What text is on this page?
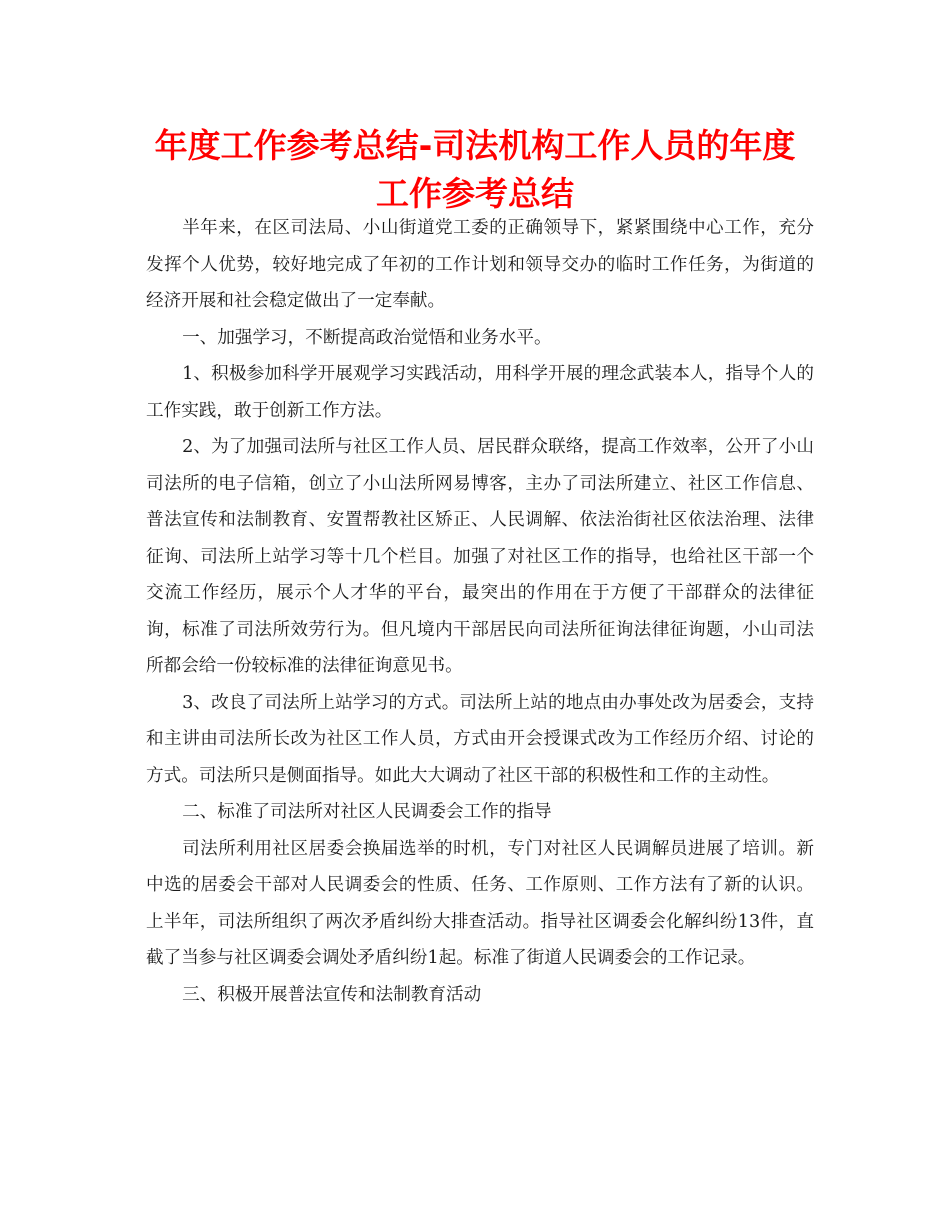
年度工作参考总结-司法机构工作人员的年度工作参考总结

半年来，在区司法局、小山街道党工委的正确领导下，紧紧围绕中心工作，充分发挥个人优势，较好地完成了年初的工作计划和领导交办的临时工作任务，为街道的经济开展和社会稳定做出了一定奉献。

一、加强学习，不断提高政治觉悟和业务水平。

1、积极参加科学开展观学习实践活动，用科学开展的理念武装本人，指导个人的工作实践，敢于创新工作方法。

2、为了加强司法所与社区工作人员、居民群众联络，提高工作效率，公开了小山司法所的电子信箱，创立了小山法所网易博客，主办了司法所建立、社区工作信息、普法宣传和法制教育、安置帮教社区矫正、人民调解、依法治街社区依法治理、法律征询、司法所上站学习等十几个栏目。加强了对社区工作的指导，也给社区干部一个交流工作经历，展示个人才华的平台，最突出的作用在于方便了干部群众的法律征询，标准了司法所效劳行为。但凡境内干部居民向司法所征询法律征询题，小山司法所都会给一份较标准的法律征询意见书。

3、改良了司法所上站学习的方式。司法所上站的地点由办事处改为居委会，支持和主讲由司法所长改为社区工作人员，方式由开会授课式改为工作经历介绍、讨论的方式。司法所只是侧面指导。如此大大调动了社区干部的积极性和工作的主动性。

二、标准了司法所对社区人民调委会工作的指导

司法所利用社区居委会换届选举的时机，专门对社区人民调解员进展了培训。新中选的居委会干部对人民调委会的性质、任务、工作原则、工作方法有了新的认识。上半年，司法所组织了两次矛盾纠纷大排查活动。指导社区调委会化解纠纷13件，直截了当参与社区调委会调处矛盾纠纷1起。标准了街道人民调委会的工作记录。

三、积极开展普法宣传和法制教育活动
